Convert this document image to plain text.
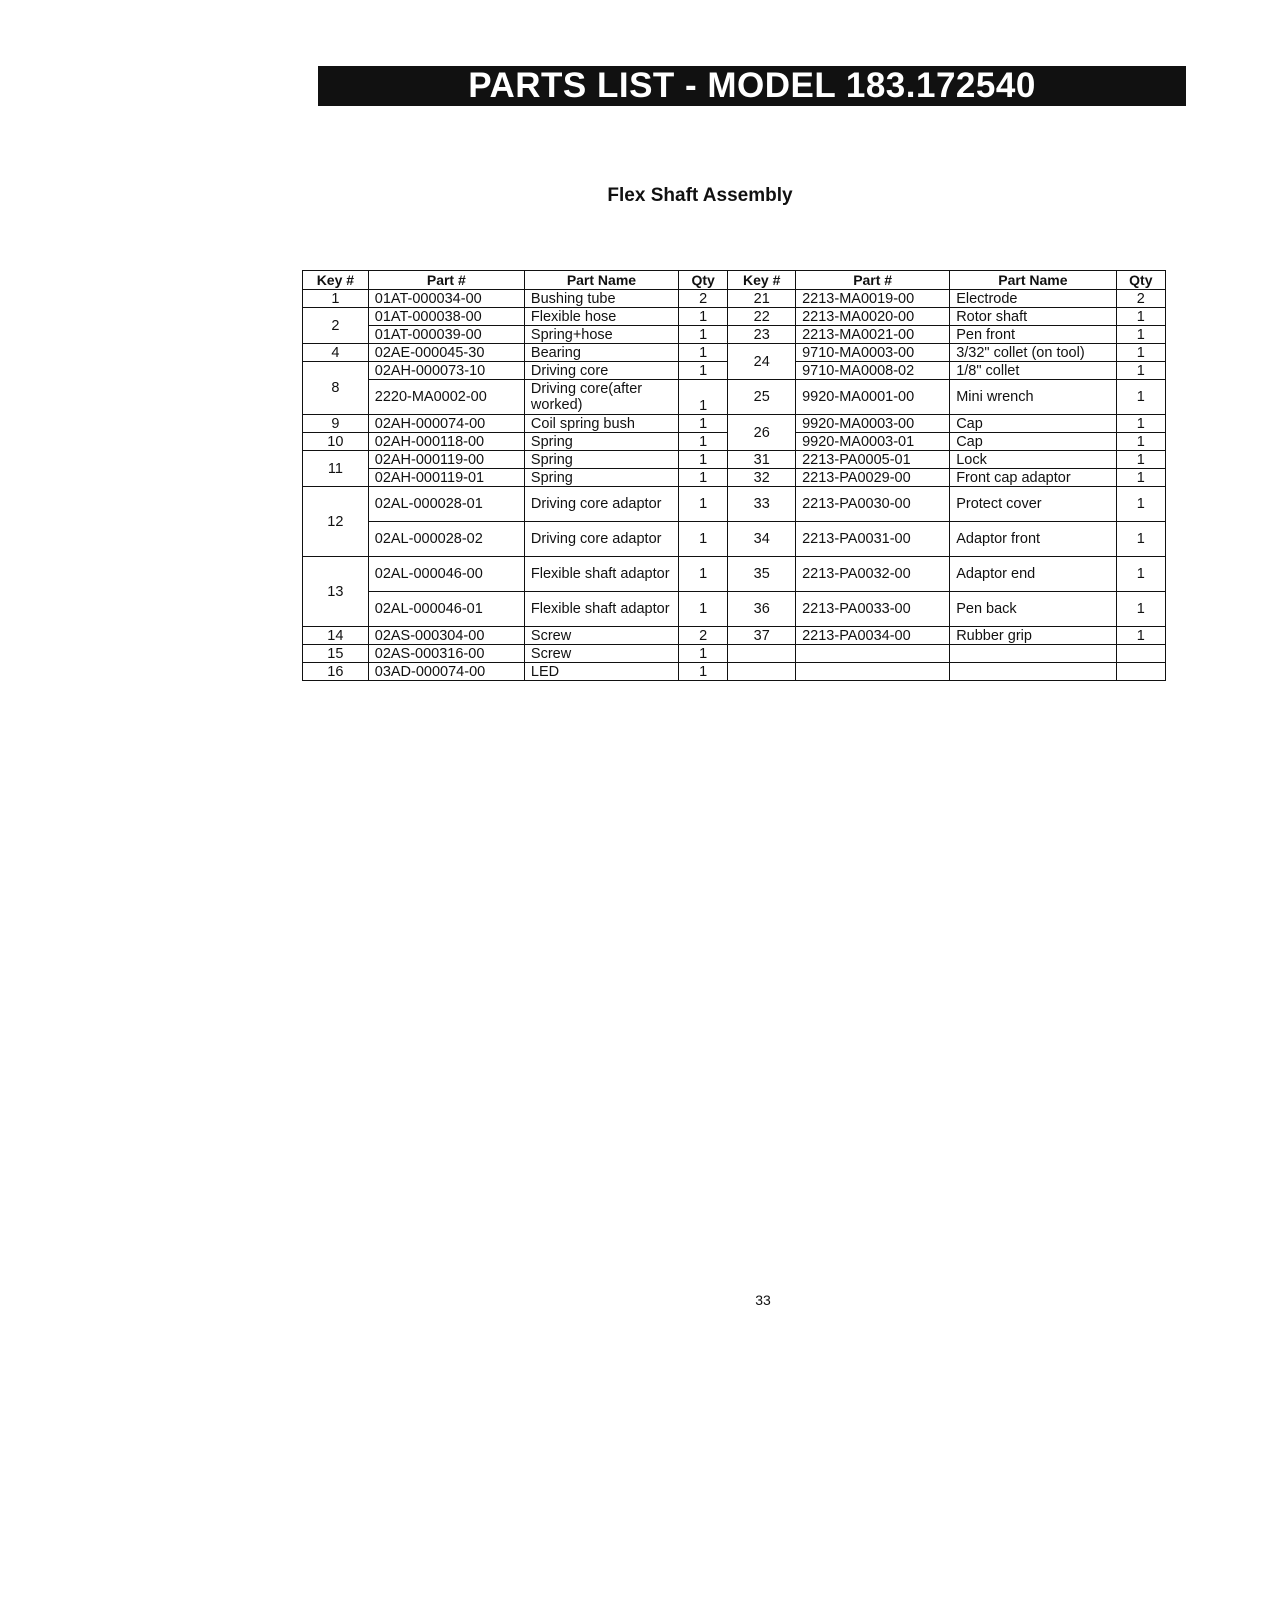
PARTS LIST - MODEL 183.172540
Flex Shaft Assembly
Key #	Part #	Part Name	Qty	Key #	Part #	Part Name	Qty
1	01AT-000034-00	Bushing tube	2	21	2213-MA0019-00	Electrode	2
2	01AT-000038-00	Flexible hose	1	22	2213-MA0020-00	Rotor shaft	1
	01AT-000039-00	Spring+hose	1	23	2213-MA0021-00	Pen front	1
4	02AE-000045-30	Bearing	1	24	9710-MA0003-00	3/32" collet (on tool)	1
8	02AH-000073-10	Driving core	1		9710-MA0008-02	1/8" collet	1
	2220-MA0002-00	Driving core(after worked)	1	25	9920-MA0001-00	Mini wrench	1
9	02AH-000074-00	Coil spring bush	1	26	9920-MA0003-00	Cap	1
10	02AH-000118-00	Spring	1		9920-MA0003-01	Cap	1
11	02AH-000119-00	Spring	1	31	2213-PA0005-01	Lock	1
	02AH-000119-01	Spring	1	32	2213-PA0029-00	Front cap adaptor	1
12	02AL-000028-01	Driving core adaptor	1	33	2213-PA0030-00	Protect cover	1
	02AL-000028-02	Driving core adaptor	1	34	2213-PA0031-00	Adaptor front	1
13	02AL-000046-00	Flexible shaft adaptor	1	35	2213-PA0032-00	Adaptor end	1
	02AL-000046-01	Flexible shaft adaptor	1	36	2213-PA0033-00	Pen back	1
14	02AS-000304-00	Screw	2	37	2213-PA0034-00	Rubber grip	1
15	02AS-000316-00	Screw	1				
16	03AD-000074-00	LED	1				
33
